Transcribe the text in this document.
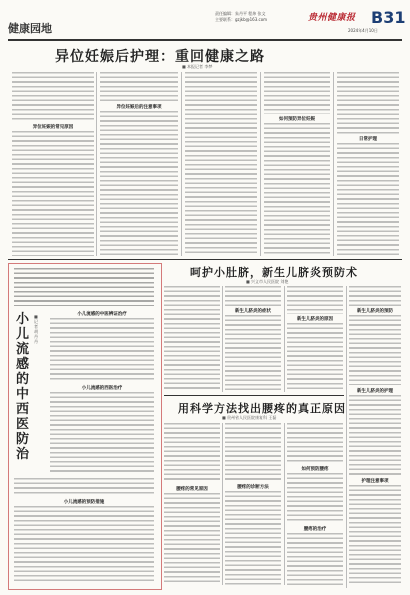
健康园地
责任编辑：朱丹平 程炜 张文
主要联系：gzjkb@163.com	贵州健康报 B31
2024年4月10日
异位妊娠后护理：重回健康之路
■ 本报记者 李梦
异位妊娠的常见原因
异位妊娠后的注意事项
如何预防异位妊娠
日常护理
小儿流感的中西医防治
■ 记者 胡丹丹
小儿流感的中医辨证治疗
小儿流感的西医治疗
小儿流感的预防措施
呵护小肚脐，新生儿脐炎预防术
■ 兴义市人民医院 刘艳
新生儿脐炎的症状
新生儿脐炎的原因
新生儿脐炎的预防
新生儿脐炎的护理
护理注意事项
用科学方法找出腰疼的真正原因
■ 贵州省人民医院康复科 王磊
腰疼的常见原因	腰疼的诊断方法
如何预防腰疼
腰疼的治疗
